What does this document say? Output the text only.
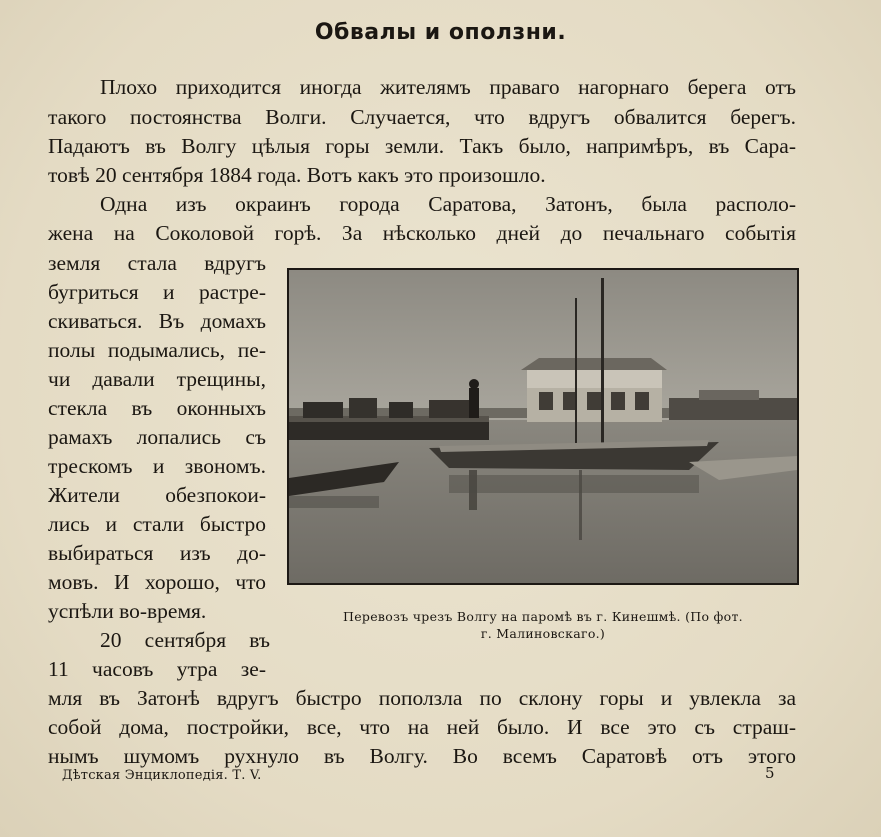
Обвалы и оползни.
Плохо приходится иногда жителямъ праваго нагорнаго берега отъ
такого постоянства Волги. Случается, что вдругъ обвалится берегъ.
Падаютъ въ Волгу цѣлыя горы земли. Такъ было, напримѣръ, въ Сара-
товѣ 20 сентября 1884 года. Вотъ какъ это произошло.
Одна изъ окраинъ города Саратова, Затонъ, была располо-
жена на Соколовой горѣ. За нѣсколько дней до печальнаго событія
земля стала вдругъ
бугриться и растре-
скиваться. Въ домахъ
полы подымались, пе-
чи давали трещины,
стекла въ оконныхъ
рамахъ лопались съ
трескомъ и звономъ.
Жители обезпокои-
лись и стали быстро
выбираться изъ до-
мовъ. И хорошо, что
успѣли во-время.
20 сентября въ
11 часовъ утра зе-
мля въ Затонѣ вдругъ быстро поползла по склону горы и увлекла за
собой дома, постройки, все, что на ней было. И все это съ страш-
нымъ шумомъ рухнуло въ Волгу. Во всемъ Саратовѣ отъ этого
Перевозъ чрезъ Волгу на паромѣ въ г. Кинешмѣ. (По фот.
г. Малиновскаго.)
Дѣтская Энциклопедія. Т. V.	5
